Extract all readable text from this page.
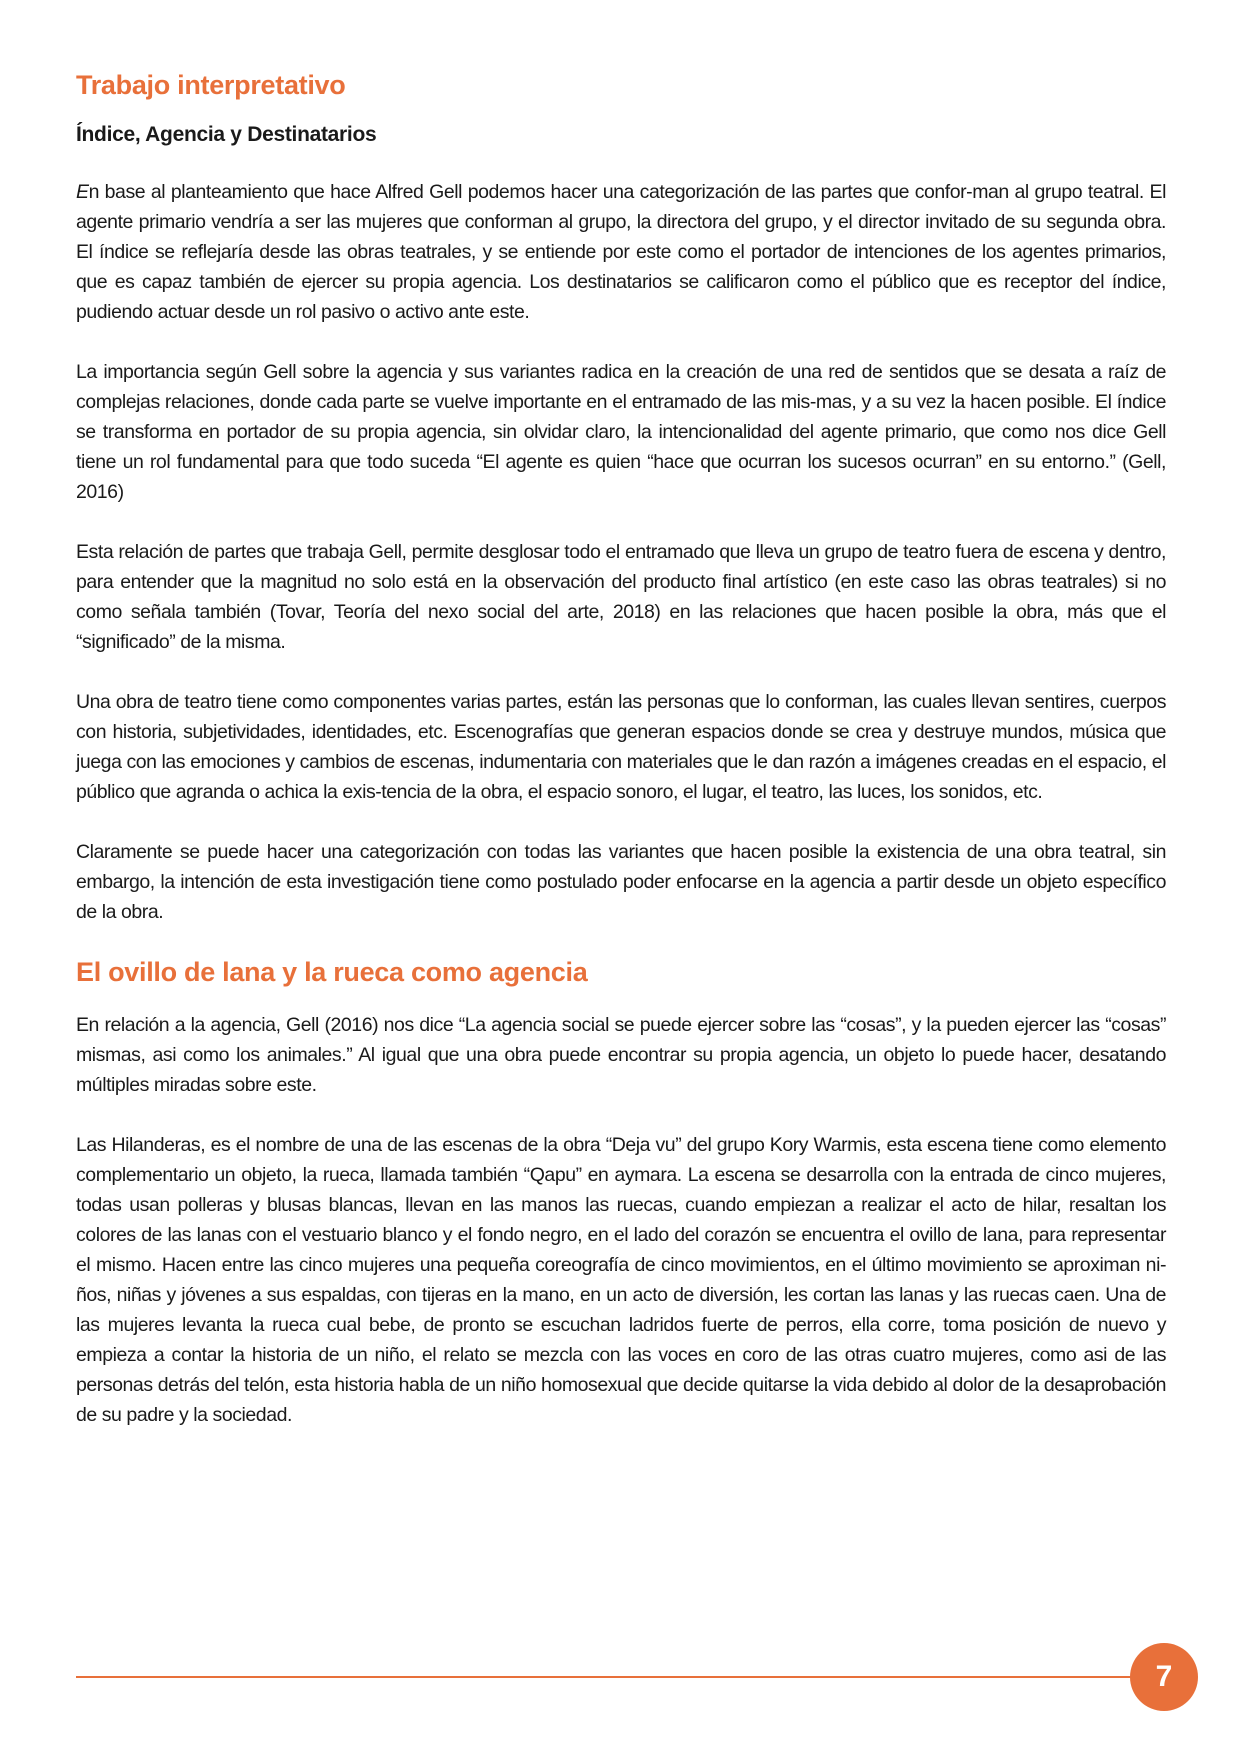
Trabajo interpretativo
Índice, Agencia y Destinatarios

En base al planteamiento que hace Alfred Gell podemos hacer una categorización de las partes que confor-man al grupo teatral. El agente primario vendría a ser las mujeres que conforman al grupo, la directora del grupo, y el director invitado de su segunda obra. El índice se reflejaría desde las obras teatrales, y se entiende por este como el portador de intenciones de los agentes primarios, que es capaz también de ejercer su propia agencia. Los destinatarios se calificaron como el público que es receptor del índice, pudiendo actuar desde un rol pasivo o activo ante este.

La importancia según Gell sobre la agencia y sus variantes radica en la creación de una red de sentidos que se desata a raíz de complejas relaciones, donde cada parte se vuelve importante en el entramado de las mis-mas, y a su vez la hacen posible. El índice se transforma en portador de su propia agencia, sin olvidar claro, la intencionalidad del agente primario, que como nos dice Gell tiene un rol fundamental para que todo suceda “El agente es quien “hace que ocurran los sucesos ocurran” en su entorno.” (Gell, 2016)

Esta relación de partes que trabaja Gell, permite desglosar todo el entramado que lleva un grupo de teatro fuera de escena y dentro, para entender que la magnitud no solo está en la observación del producto final artístico (en este caso las obras teatrales) si no como señala también (Tovar, Teoría del nexo social del arte, 2018) en las relaciones que hacen posible la obra, más que el “significado” de la misma.

Una obra de teatro tiene como componentes varias partes, están las personas que lo conforman, las cuales llevan sentires, cuerpos con historia, subjetividades, identidades, etc. Escenografías que generan espacios donde se crea y destruye mundos, música que juega con las emociones y cambios de escenas, indumentaria con materiales que le dan razón a imágenes creadas en el espacio, el público que agranda o achica la exis-tencia de la obra, el espacio sonoro, el lugar, el teatro, las luces, los sonidos, etc.

Claramente se puede hacer una categorización con todas las variantes que hacen posible la existencia de una obra teatral, sin embargo, la intención de esta investigación tiene como postulado poder enfocarse en la agencia a partir desde un objeto específico de la obra.

El ovillo de lana y la rueca como agencia

En relación a la agencia, Gell (2016) nos dice “La agencia social se puede ejercer sobre las “cosas”, y la pueden ejercer las “cosas” mismas, asi como los animales.” Al igual que una obra puede encontrar su propia agencia, un objeto lo puede hacer, desatando múltiples miradas sobre este.

Las Hilanderas, es el nombre de una de las escenas de la obra “Deja vu” del grupo Kory Warmis, esta escena tiene como elemento complementario un objeto, la rueca, llamada también “Qapu” en aymara. La escena se desarrolla con la entrada de cinco mujeres, todas usan polleras y blusas blancas, llevan en las manos las ruecas, cuando empiezan a realizar el acto de hilar, resaltan los colores de las lanas con el vestuario blanco y el fondo negro, en el lado del corazón se encuentra el ovillo de lana, para representar el mismo. Hacen entre las cinco mujeres una pequeña coreografía de cinco movimientos, en el último movimiento se aproximan ni-ños, niñas y jóvenes a sus espaldas, con tijeras en la mano, en un acto de diversión, les cortan las lanas y las ruecas caen. Una de las mujeres levanta la rueca cual bebe, de pronto se escuchan ladridos fuerte de perros, ella corre, toma posición de nuevo y empieza a contar la historia de un niño, el relato se mezcla con las voces en coro de las otras cuatro mujeres, como asi de las personas detrás del telón, esta historia habla de un niño homosexual que decide quitarse la vida debido al dolor de la desaprobación de su padre y la sociedad.

7
